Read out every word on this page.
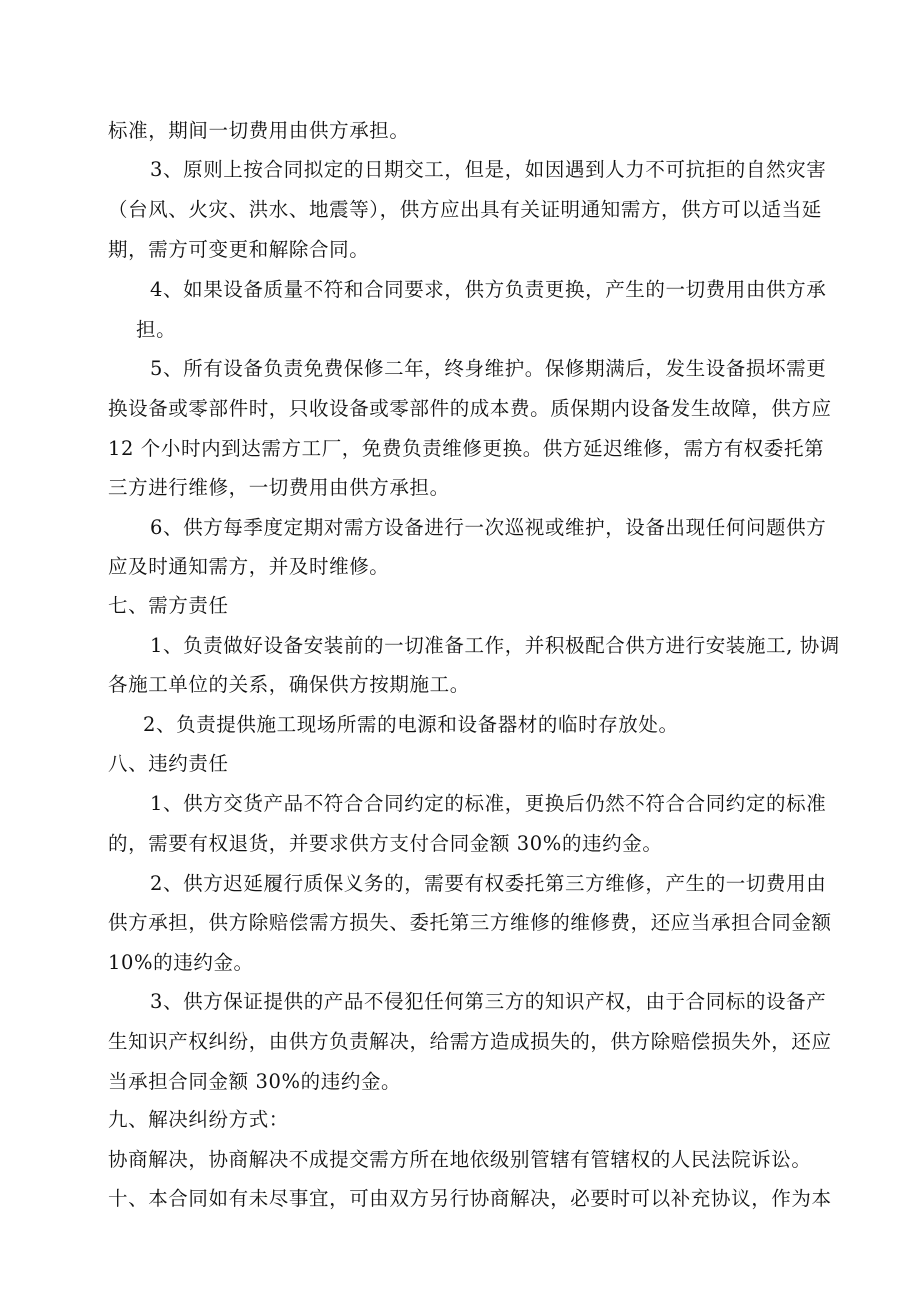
标准，期间一切费用由供方承担。
3、原则上按合同拟定的日期交工，但是，如因遇到人力不可抗拒的自然灾害
（台风、火灾、洪水、地震等），供方应出具有关证明通知需方，供方可以适当延
期，需方可变更和解除合同。
4、如果设备质量不符和合同要求，供方负责更换，产生的一切费用由供方承
担。
5、所有设备负责免费保修二年，终身维护。保修期满后，发生设备损坏需更
换设备或零部件时，只收设备或零部件的成本费。质保期内设备发生故障，供方应
12 个小时内到达需方工厂，免费负责维修更换。供方延迟维修，需方有权委托第
三方进行维修，一切费用由供方承担。
6、供方每季度定期对需方设备进行一次巡视或维护，设备出现任何问题供方
应及时通知需方，并及时维修。
七、需方责任
1、负责做好设备安装前的一切准备工作，并积极配合供方进行安装施工, 协调
各施工单位的关系，确保供方按期施工。
2、负责提供施工现场所需的电源和设备器材的临时存放处。
八、违约责任
1、供方交货产品不符合合同约定的标准，更换后仍然不符合合同约定的标准
的，需要有权退货，并要求供方支付合同金额 30%的违约金。
2、供方迟延履行质保义务的，需要有权委托第三方维修，产生的一切费用由
供方承担，供方除赔偿需方损失、委托第三方维修的维修费，还应当承担合同金额
10%的违约金。
3、供方保证提供的产品不侵犯任何第三方的知识产权，由于合同标的设备产
生知识产权纠纷，由供方负责解决，给需方造成损失的，供方除赔偿损失外，还应
当承担合同金额 30%的违约金。
九、解决纠纷方式：
协商解决，协商解决不成提交需方所在地依级别管辖有管辖权的人民法院诉讼。
十、本合同如有未尽事宜，可由双方另行协商解决，必要时可以补充协议，作为本
